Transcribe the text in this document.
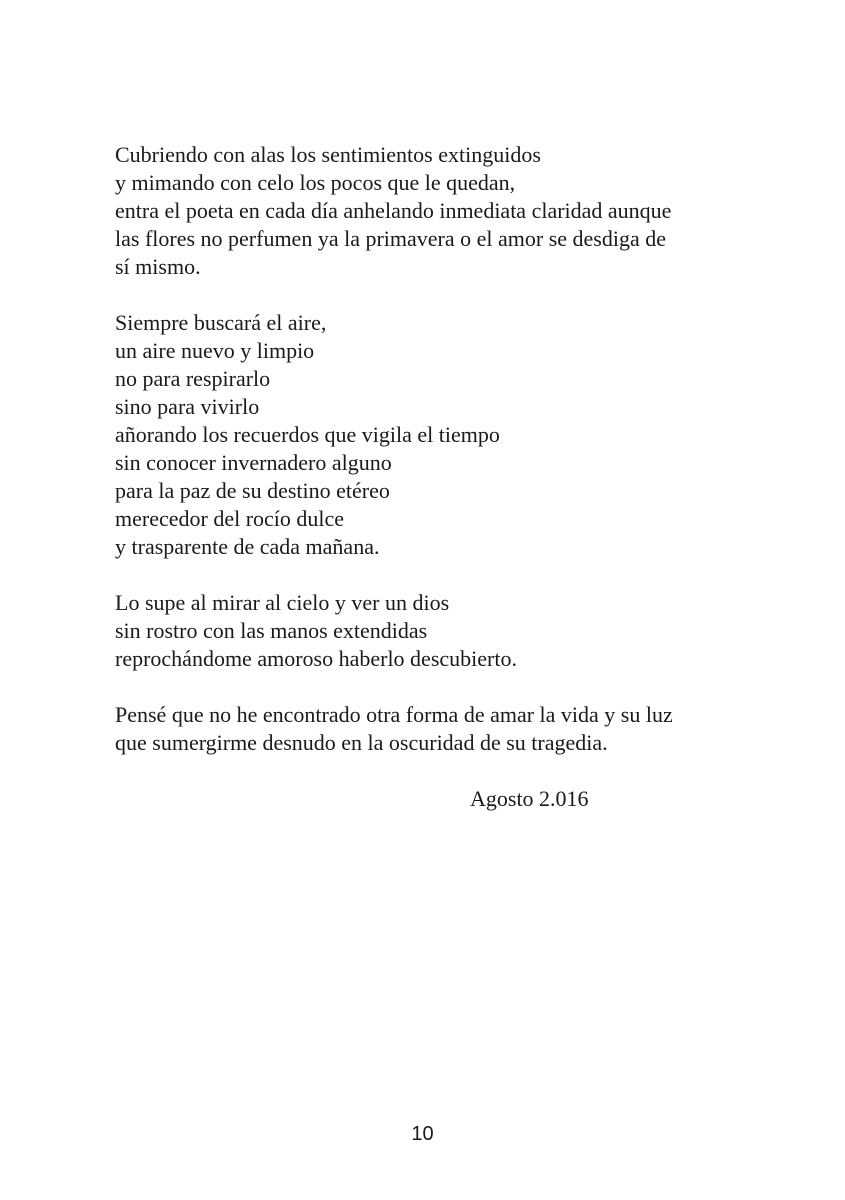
Cubriendo con alas los sentimientos extinguidos
y mimando con celo los pocos que le quedan,
entra el poeta en cada día anhelando inmediata claridad aunque
las flores no perfumen ya la primavera o el amor se desdiga de
sí mismo.
Siempre buscará el aire,
un aire nuevo y limpio
no para respirarlo
sino para vivirlo
añorando los recuerdos que vigila el tiempo
sin conocer invernadero alguno
para la paz de su destino etéreo
merecedor del rocío dulce
y trasparente de cada mañana.
Lo supe al mirar al cielo y ver un dios
sin rostro con las manos extendidas
reprochándome amoroso haberlo descubierto.
Pensé que no he encontrado otra forma de amar la vida y su luz
que sumergirme desnudo en la oscuridad de su tragedia.
Agosto 2.016
10
